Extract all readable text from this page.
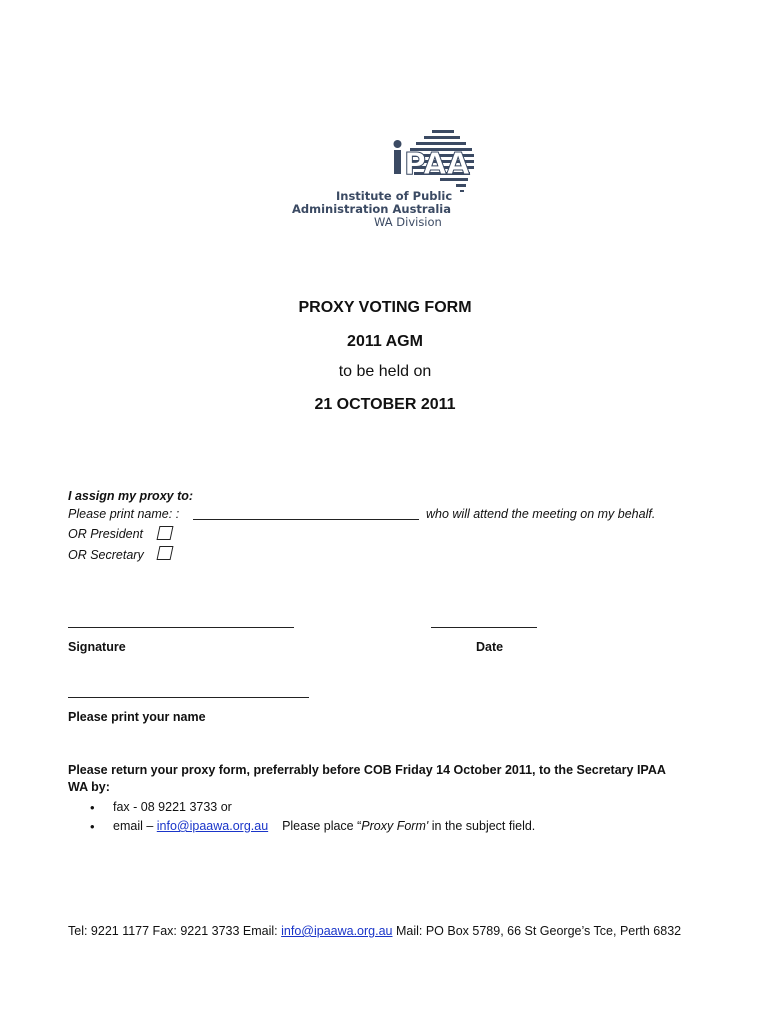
PAA
Institute of Public
Administration Australia
WA Division
PROXY VOTING FORM
2011 AGM
to be held on
21 OCTOBER 2011
I assign my proxy to:
Please print name: :	who will attend the meeting on my behalf.
OR President
OR Secretary
Signature	Date
Please print your name
Please return your proxy form, preferrably before COB Friday 14 October 2011, to the Secretary IPAA
WA by:
• fax - 08 9221 3733 or
• email – info@ipaawa.org.au Please place “Proxy Form' in the subject field.
Tel: 9221 1177 Fax: 9221 3733 Email: info@ipaawa.org.au Mail: PO Box 5789, 66 St George’s Tce, Perth 6832
